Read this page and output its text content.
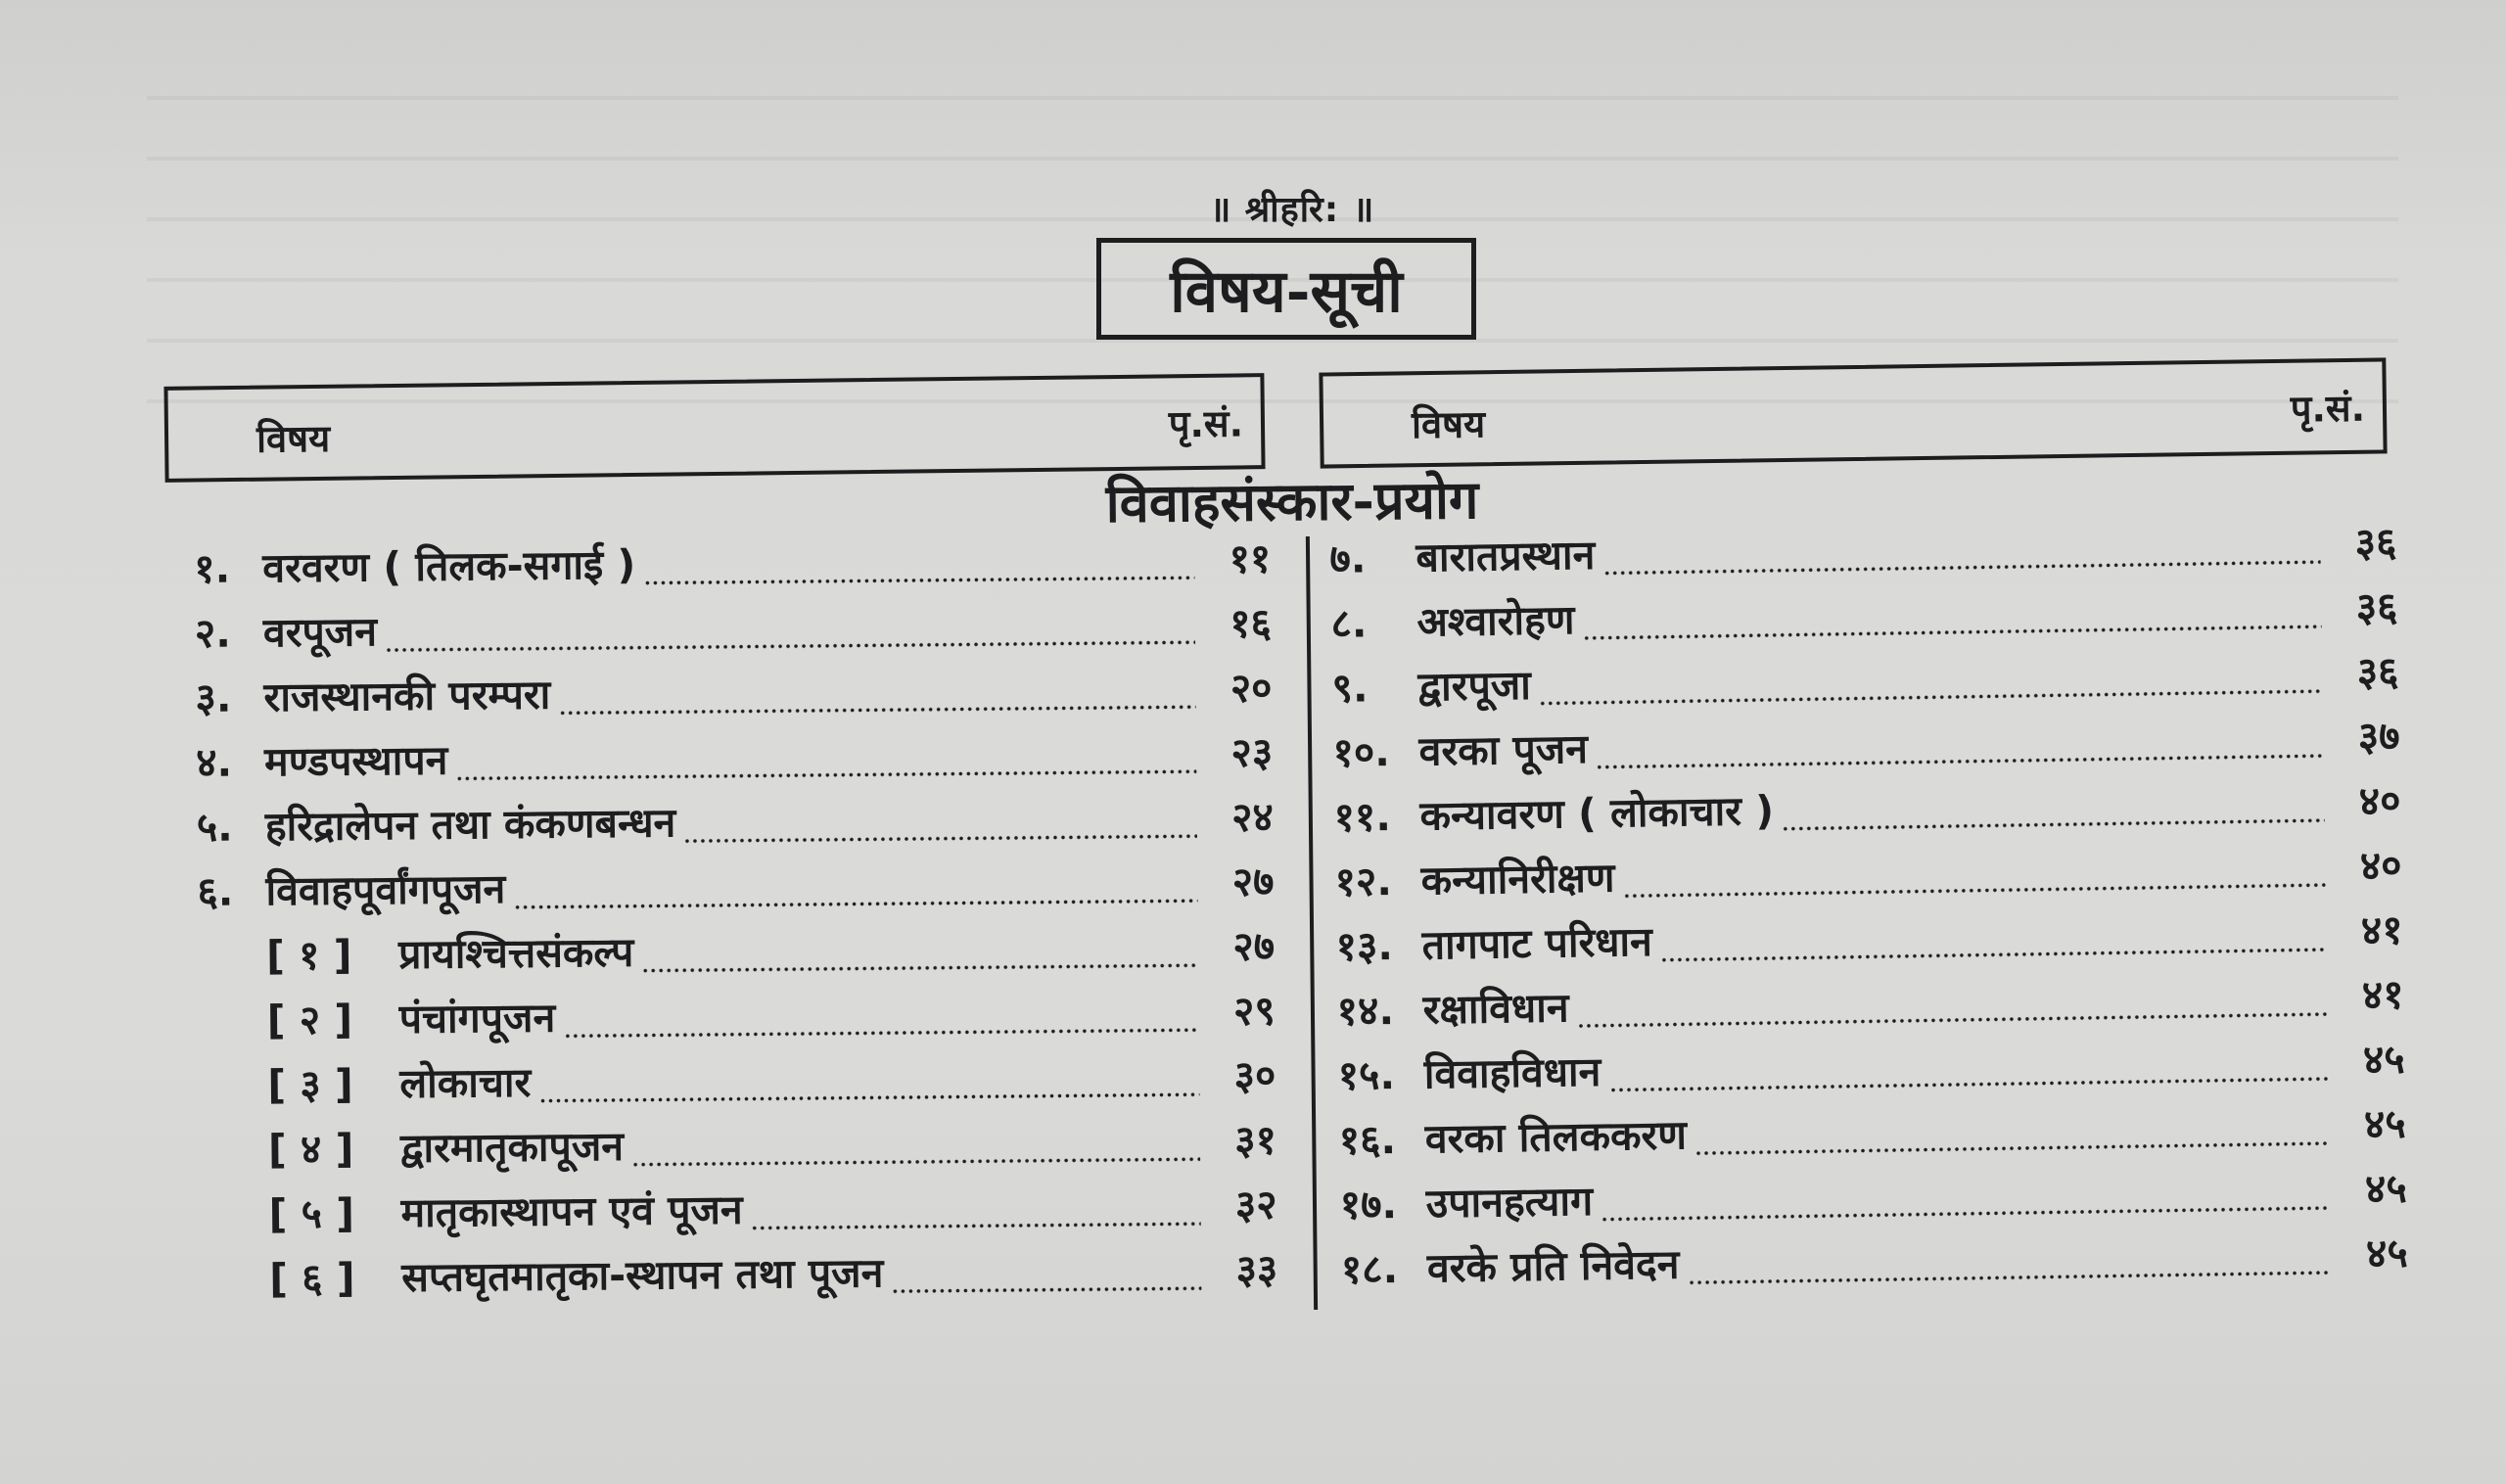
॥ श्रीहरि: ॥
विषय-सूची
विषय	पृ.सं.	विषय	पृ.सं.
विवाहसंस्कार-प्रयोग
१. वरवरण ( तिलक-सगाई )	११
२. वरपूजन	१६
३. राजस्थानकी परम्परा	२०
४. मण्डपस्थापन	२३
५. हरिद्रालेपन तथा कंकणबन्धन	२४
६. विवाहपूर्वांगपूजन	२७
[ १ ]	प्रायश्चित्तसंकल्प	२७
[ २ ]	पंचांगपूजन	२९
[ ३ ]	लोकाचार	३०
[ ४ ]	द्वारमातृकापूजन	३१
[ ५ ]	मातृकास्थापन एवं पूजन	३२
[ ६ ]	सप्तघृतमातृका-स्थापन तथा पूजन	३३
७.	बारातप्रस्थान	३६
८.	अश्वारोहण	३६
९.	द्वारपूजा	३६
१०. वरका पूजन	३७
११. कन्यावरण ( लोकाचार )	४०
१२. कन्यानिरीक्षण	४०
१३. तागपाट परिधान	४१
१४. रक्षाविधान	४१
१५. विवाहविधान	४५
१६. वरका तिलककरण	४५
१७. उपानहत्याग	४५
१८. वरके प्रति निवेदन	४५
